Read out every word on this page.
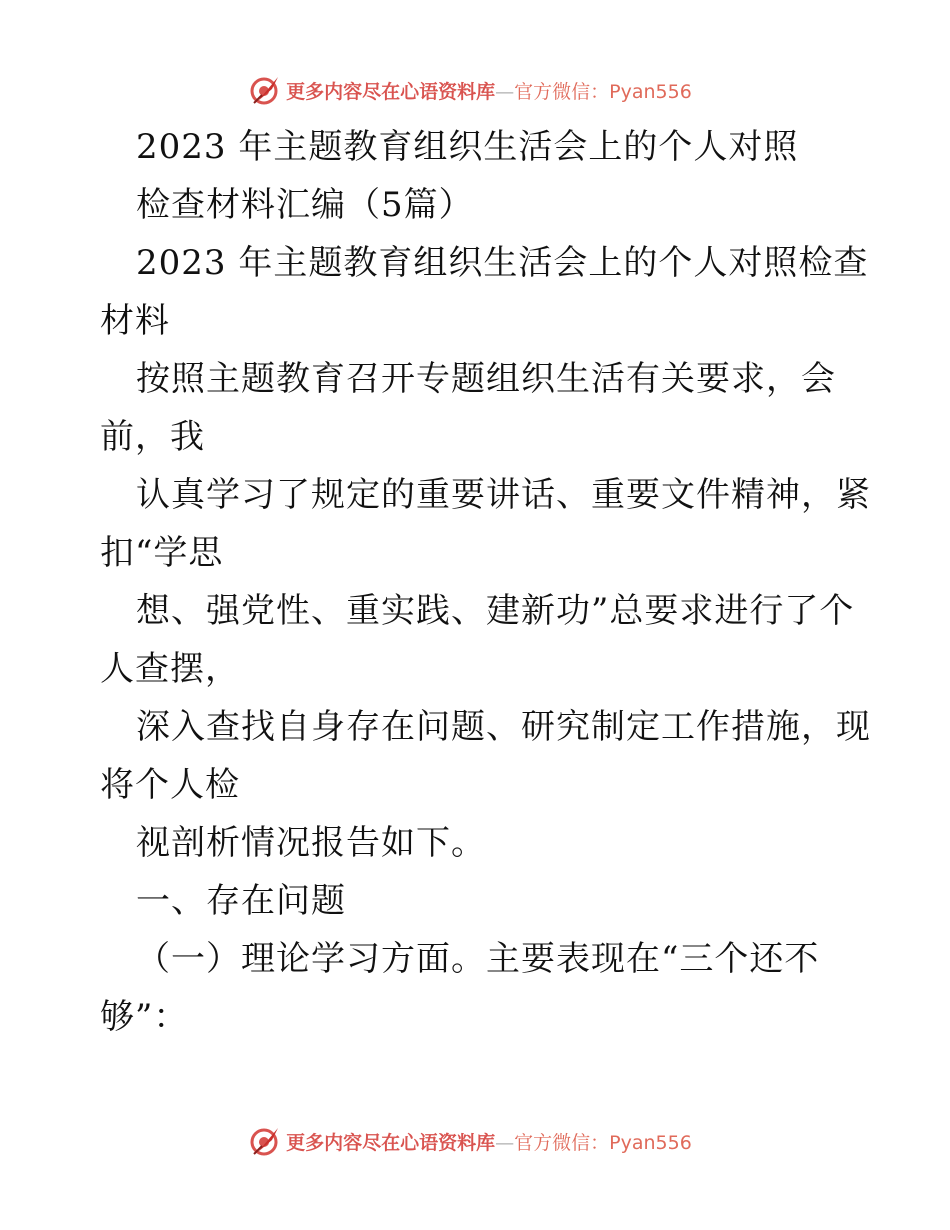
更多内容尽在心语资料库—官方微信：Pyan556
2023 年主题教育组织生活会上的个人对照
检查材料汇编（5篇）
2023 年主题教育组织生活会上的个人对照检查
材料
按照主题教育召开专题组织生活有关要求，会
前，我
认真学习了规定的重要讲话、重要文件精神，紧
扣“学思
想、强党性、重实践、建新功”总要求进行了个
人查摆，
深入查找自身存在问题、研究制定工作措施，现
将个人检
视剖析情况报告如下。
一、存在问题
（一）理论学习方面。主要表现在“三个还不
够”：
更多内容尽在心语资料库—官方微信：Pyan556
